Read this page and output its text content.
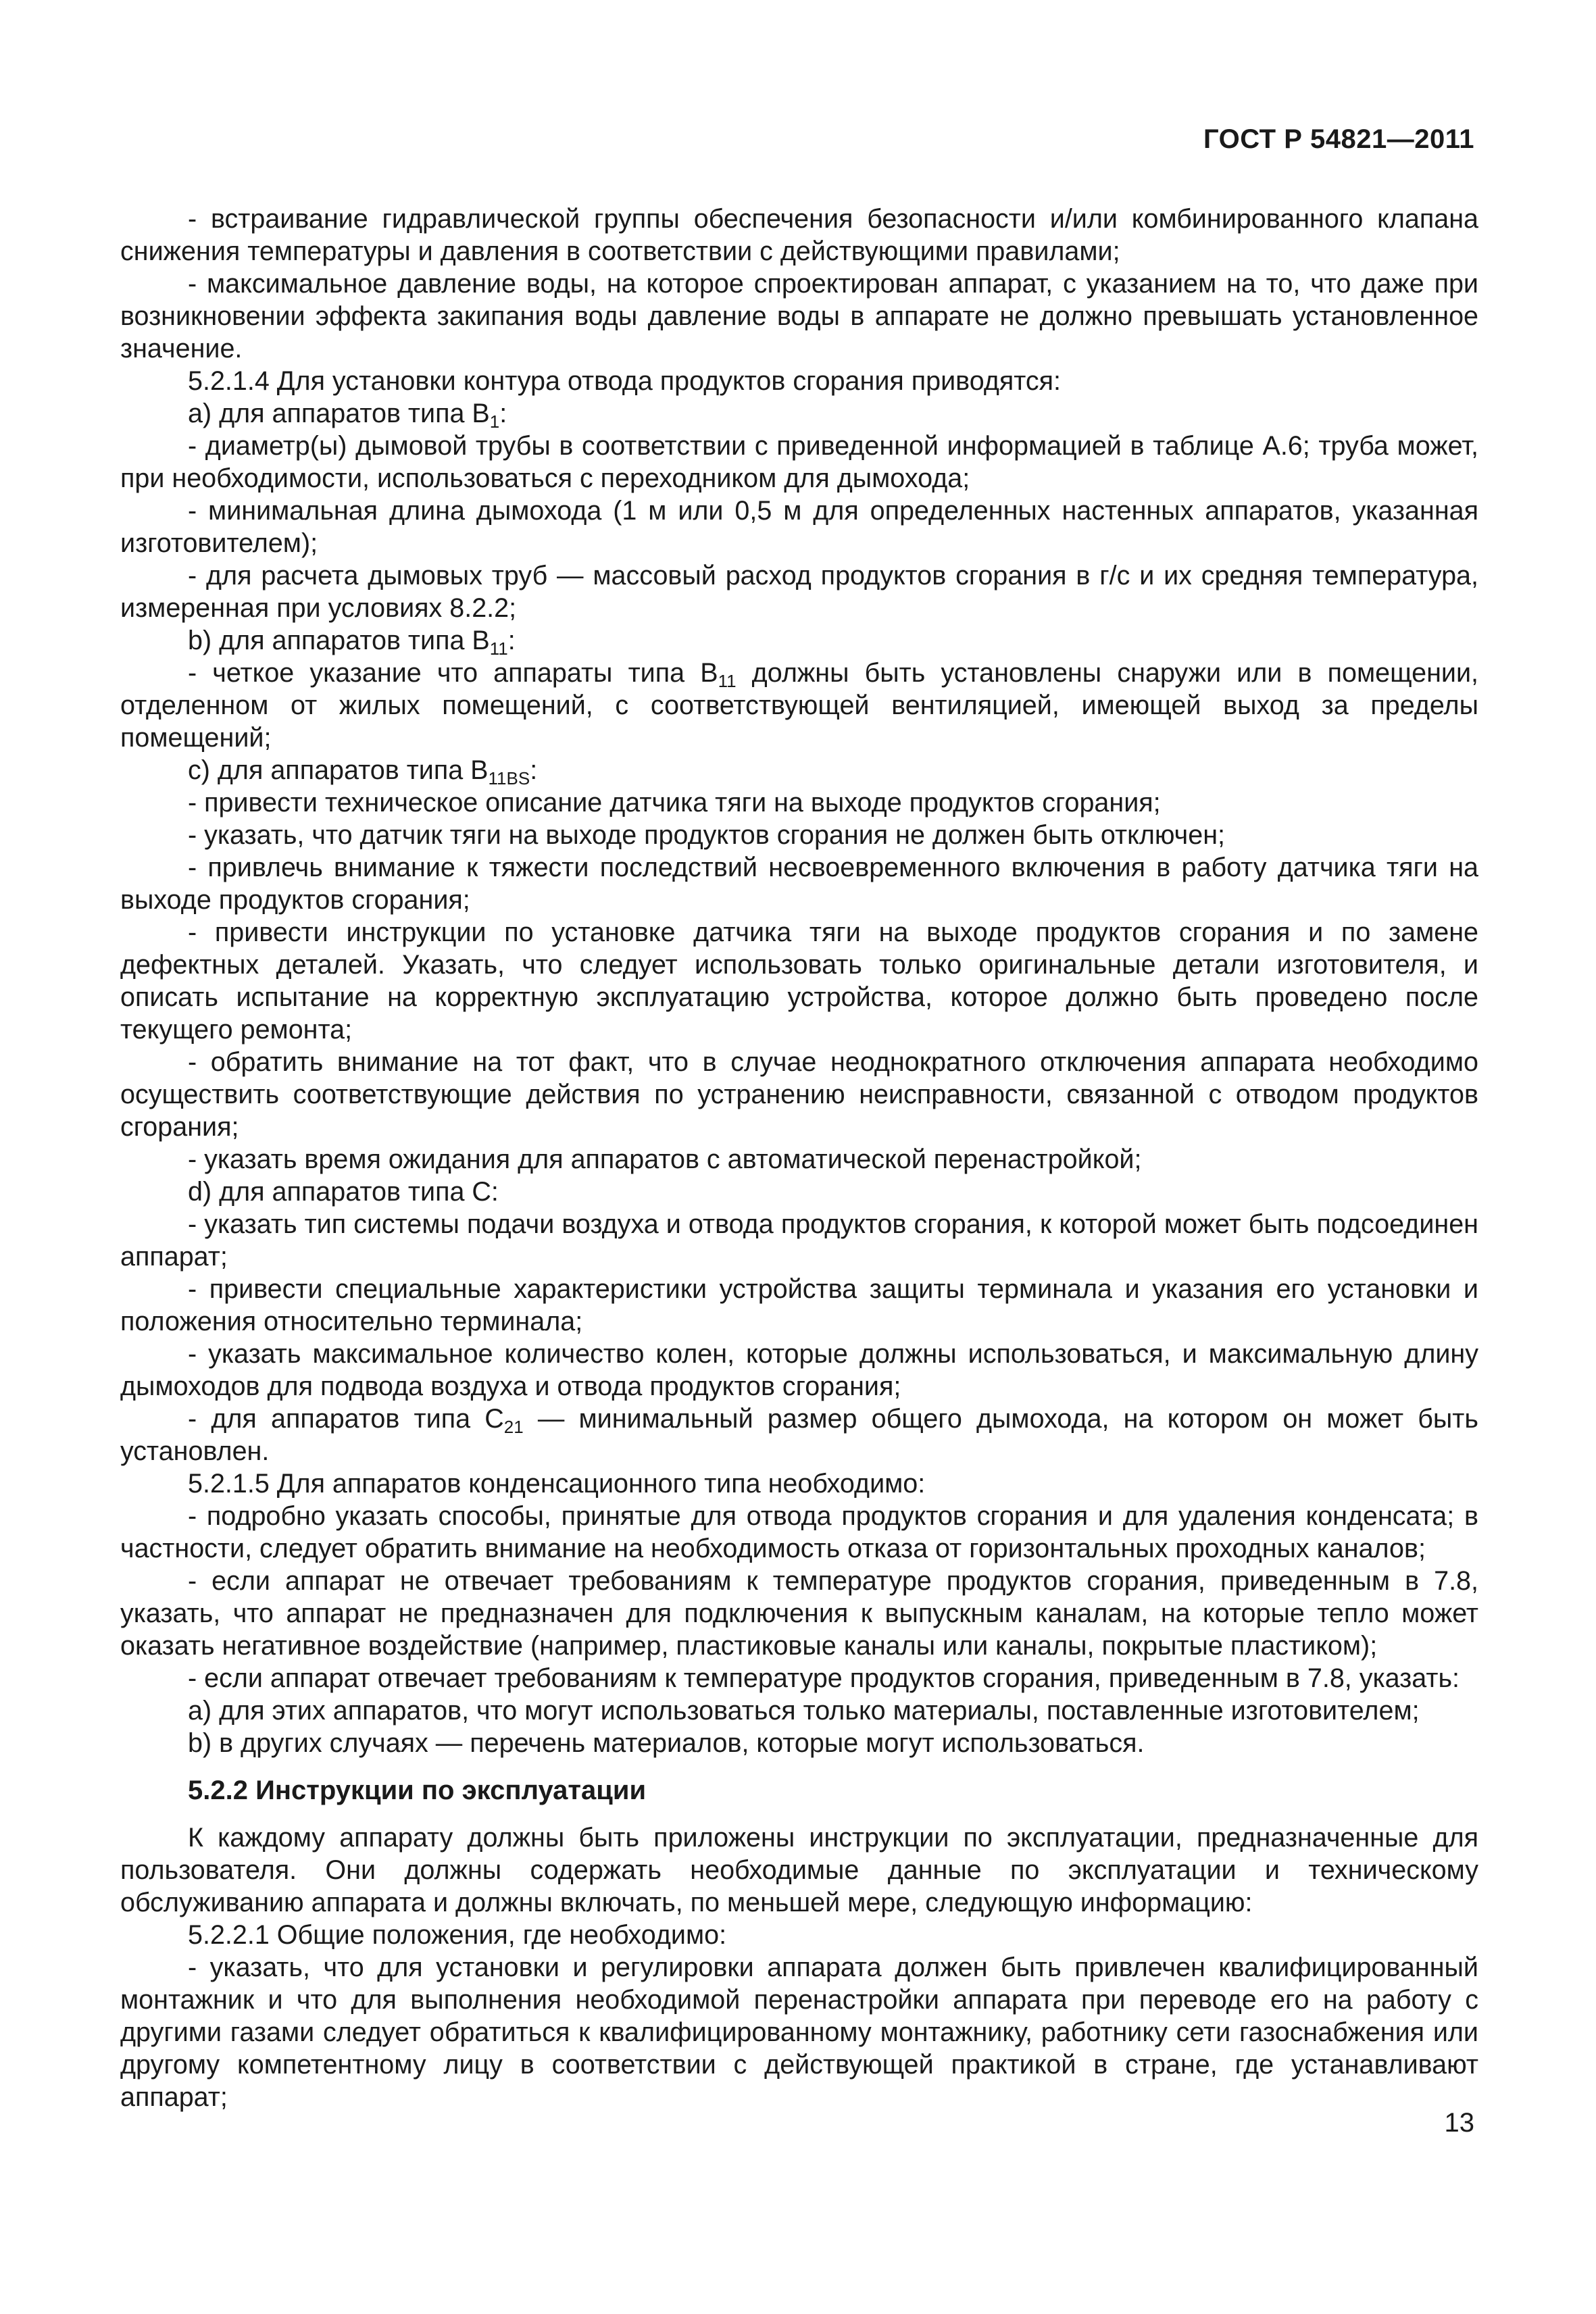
ГОСТ Р 54821—2011

- встраивание гидравлической группы обеспечения безопасности и/или комбинированного клапана снижения температуры и давления в соответствии с действующими правилами;

- максимальное давление воды, на которое спроектирован аппарат, с указанием на то, что даже при возникновении эффекта закипания воды давление воды в аппарате не должно превышать установленное значение.

5.2.1.4 Для установки контура отвода продуктов сгорания приводятся:

a) для аппаратов типа $B_1$:

- диаметр(ы) дымовой трубы в соответствии с приведенной информацией в таблице А.6; труба может, при необходимости, использоваться с переходником для дымохода;

- минимальная длина дымохода (1 м или 0,5 м для определенных настенных аппаратов, указанная изготовителем);

- для расчета дымовых труб — массовый расход продуктов сгорания в г/с и их средняя температура, измеренная при условиях 8.2.2;

b) для аппаратов типа $B_{11}$:

- четкое указание что аппараты типа $B_{11}$ должны быть установлены снаружи или в помещении, отделенном от жилых помещений, с соответствующей вентиляцией, имеющей выход за пределы помещений;

c) для аппаратов типа $B_{11BS}$:

- привести техническое описание датчика тяги на выходе продуктов сгорания;

- указать, что датчик тяги на выходе продуктов сгорания не должен быть отключен;

- привлечь внимание к тяжести последствий несвоевременного включения в работу датчика тяги на выходе продуктов сгорания;

- привести инструкции по установке датчика тяги на выходе продуктов сгорания и по замене дефектных деталей. Указать, что следует использовать только оригинальные детали изготовителя, и описать испытание на корректную эксплуатацию устройства, которое должно быть проведено после текущего ремонта;

- обратить внимание на тот факт, что в случае неоднократного отключения аппарата необходимо осуществить соответствующие действия по устранению неисправности, связанной с отводом продуктов сгорания;

- указать время ожидания для аппаратов с автоматической перенастройкой;

d) для аппаратов типа C:

- указать тип системы подачи воздуха и отвода продуктов сгорания, к которой может быть подсоединен аппарат;

- привести специальные характеристики устройства защиты терминала и указания его установки и положения относительно терминала;

- указать максимальное количество колен, которые должны использоваться, и максимальную длину дымоходов для подвода воздуха и отвода продуктов сгорания;

- для аппаратов типа $C_{21}$ — минимальный размер общего дымохода, на котором он может быть установлен.

5.2.1.5 Для аппаратов конденсационного типа необходимо:

- подробно указать способы, принятые для отвода продуктов сгорания и для удаления конденсата; в частности, следует обратить внимание на необходимость отказа от горизонтальных проходных каналов;

- если аппарат не отвечает требованиям к температуре продуктов сгорания, приведенным в 7.8, указать, что аппарат не предназначен для подключения к выпускным каналам, на которые тепло может оказать негативное воздействие (например, пластиковые каналы или каналы, покрытые пластиком);

- если аппарат отвечает требованиям к температуре продуктов сгорания, приведенным в 7.8, указать:

a) для этих аппаратов, что могут использоваться только материалы, поставленные изготовителем;

b) в других случаях — перечень материалов, которые могут использоваться.

5.2.2 Инструкции по эксплуатации

К каждому аппарату должны быть приложены инструкции по эксплуатации, предназначенные для пользователя. Они должны содержать необходимые данные по эксплуатации и техническому обслуживанию аппарата и должны включать, по меньшей мере, следующую информацию:

5.2.2.1 Общие положения, где необходимо:

- указать, что для установки и регулировки аппарата должен быть привлечен квалифицированный монтажник и что для выполнения необходимой перенастройки аппарата при переводе его на работу с другими газами следует обратиться к квалифицированному монтажнику, работнику сети газоснабжения или другому компетентному лицу в соответствии с действующей практикой в стране, где устанавливают аппарат;

13
